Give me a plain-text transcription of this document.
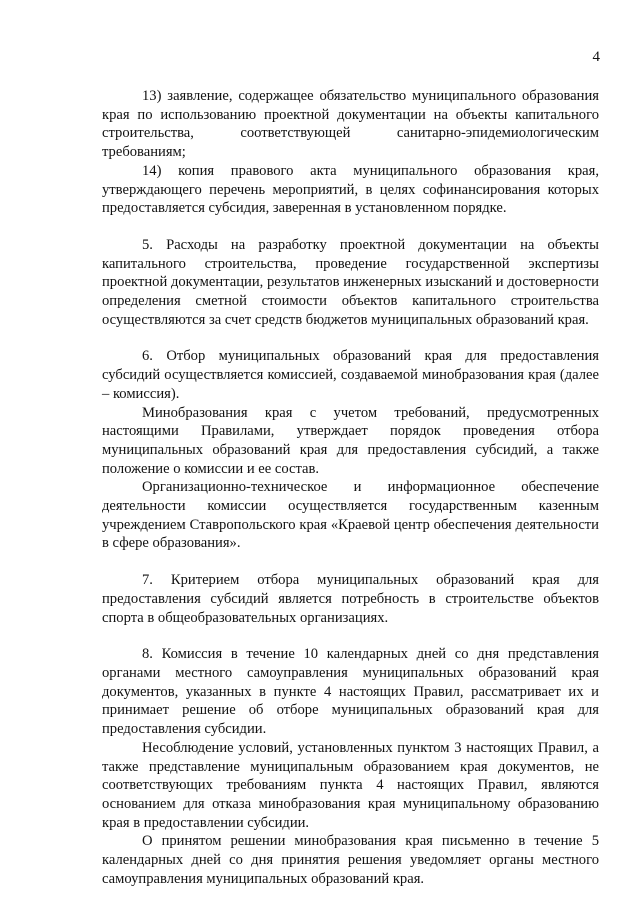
4

13) заявление, содержащее обязательство муниципального образования края по использованию проектной документации на объекты капитального строительства, соответствующей санитарно-эпидемиологическим требованиям;

14) копия правового акта муниципального образования края, утверждающего перечень мероприятий, в целях софинансирования которых предоставляется субсидия, заверенная в установленном порядке.

5. Расходы на разработку проектной документации на объекты капитального строительства, проведение государственной экспертизы проектной документации, результатов инженерных изысканий и достоверности определения сметной стоимости объектов капитального строительства осуществляются за счет средств бюджетов муниципальных образований края.

6. Отбор муниципальных образований края для предоставления субсидий осуществляется комиссией, создаваемой минобразования края (далее – комиссия).

Минобразования края с учетом требований, предусмотренных настоящими Правилами, утверждает порядок проведения отбора муниципальных образований края для предоставления субсидий, а также положение о комиссии и ее состав.

Организационно-техническое и информационное обеспечение деятельности комиссии осуществляется государственным казенным учреждением Ставропольского края «Краевой центр обеспечения деятельности в сфере образования».

7. Критерием отбора муниципальных образований края для предоставления субсидий является потребность в строительстве объектов спорта в общеобразовательных организациях.

8. Комиссия в течение 10 календарных дней со дня представления органами местного самоуправления муниципальных образований края документов, указанных в пункте 4 настоящих Правил, рассматривает их и принимает решение об отборе муниципальных образований края для предоставления субсидии.

Несоблюдение условий, установленных пунктом 3 настоящих Правил, а также представление муниципальным образованием края документов, не соответствующих требованиям пункта 4 настоящих Правил, являются основанием для отказа минобразования края муниципальному образованию края в предоставлении субсидии.

О принятом решении минобразования края письменно в течение 5 календарных дней со дня принятия решения уведомляет органы местного самоуправления муниципальных образований края.
